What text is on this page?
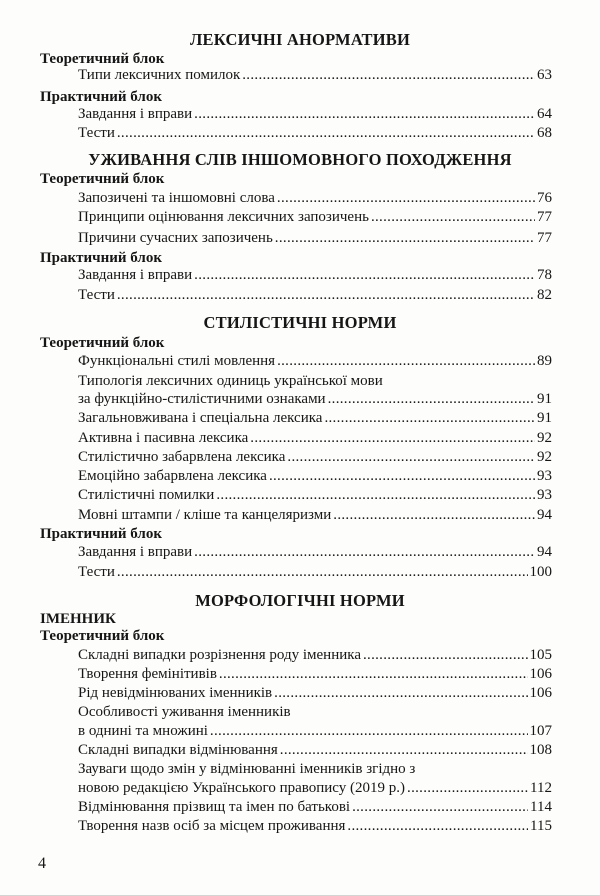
ЛЕКСИЧНІ АНОРМАТИВИ
Теоретичний блок
Типи лексичних помилок .....	63
Практичний блок
Завдання і вправи .....	64
Тести .....	68
УЖИВАННЯ СЛІВ ІНШОМОВНОГО ПОХОДЖЕННЯ
Теоретичний блок
Запозичені та іншомовні слова .....	76
Принципи оцінювання лексичних запозичень .....	77
Причини сучасних запозичень .....	77
Практичний блок
Завдання і вправи .....	78
Тести .....	82
СТИЛІСТИЧНІ НОРМИ
Теоретичний блок
Функціональні стилі мовлення .....	89
Типологія лексичних одиниць української мови
за функційно-стилістичними ознаками .....	91
Загальновживана і спеціальна лексика .....	91
Активна і пасивна лексика .....	92
Стилістично забарвлена лексика .....	92
Емоційно забарвлена лексика .....	93
Стилістичні помилки .....	93
Мовні штампи / кліше та канцеляризми .....	94
Практичний блок
Завдання і вправи .....	94
Тести .....	100
МОРФОЛОГІЧНІ НОРМИ
ІМЕННИК
Теоретичний блок
Складні випадки розрізнення роду іменника .....	105
Творення фемінітивів .....	106
Рід невідмінюваних іменників .....	106
Особливості уживання іменників
в однині та множині .....	107
Складні випадки відмінювання .....	108
Зауваги щодо змін у відмінюванні іменників згідно з
новою редакцією Українського правопису (2019 р.) .....	112
Відмінювання прізвищ та імен по батькові .....	114
Творення назв осіб за місцем проживання .....	115
4
